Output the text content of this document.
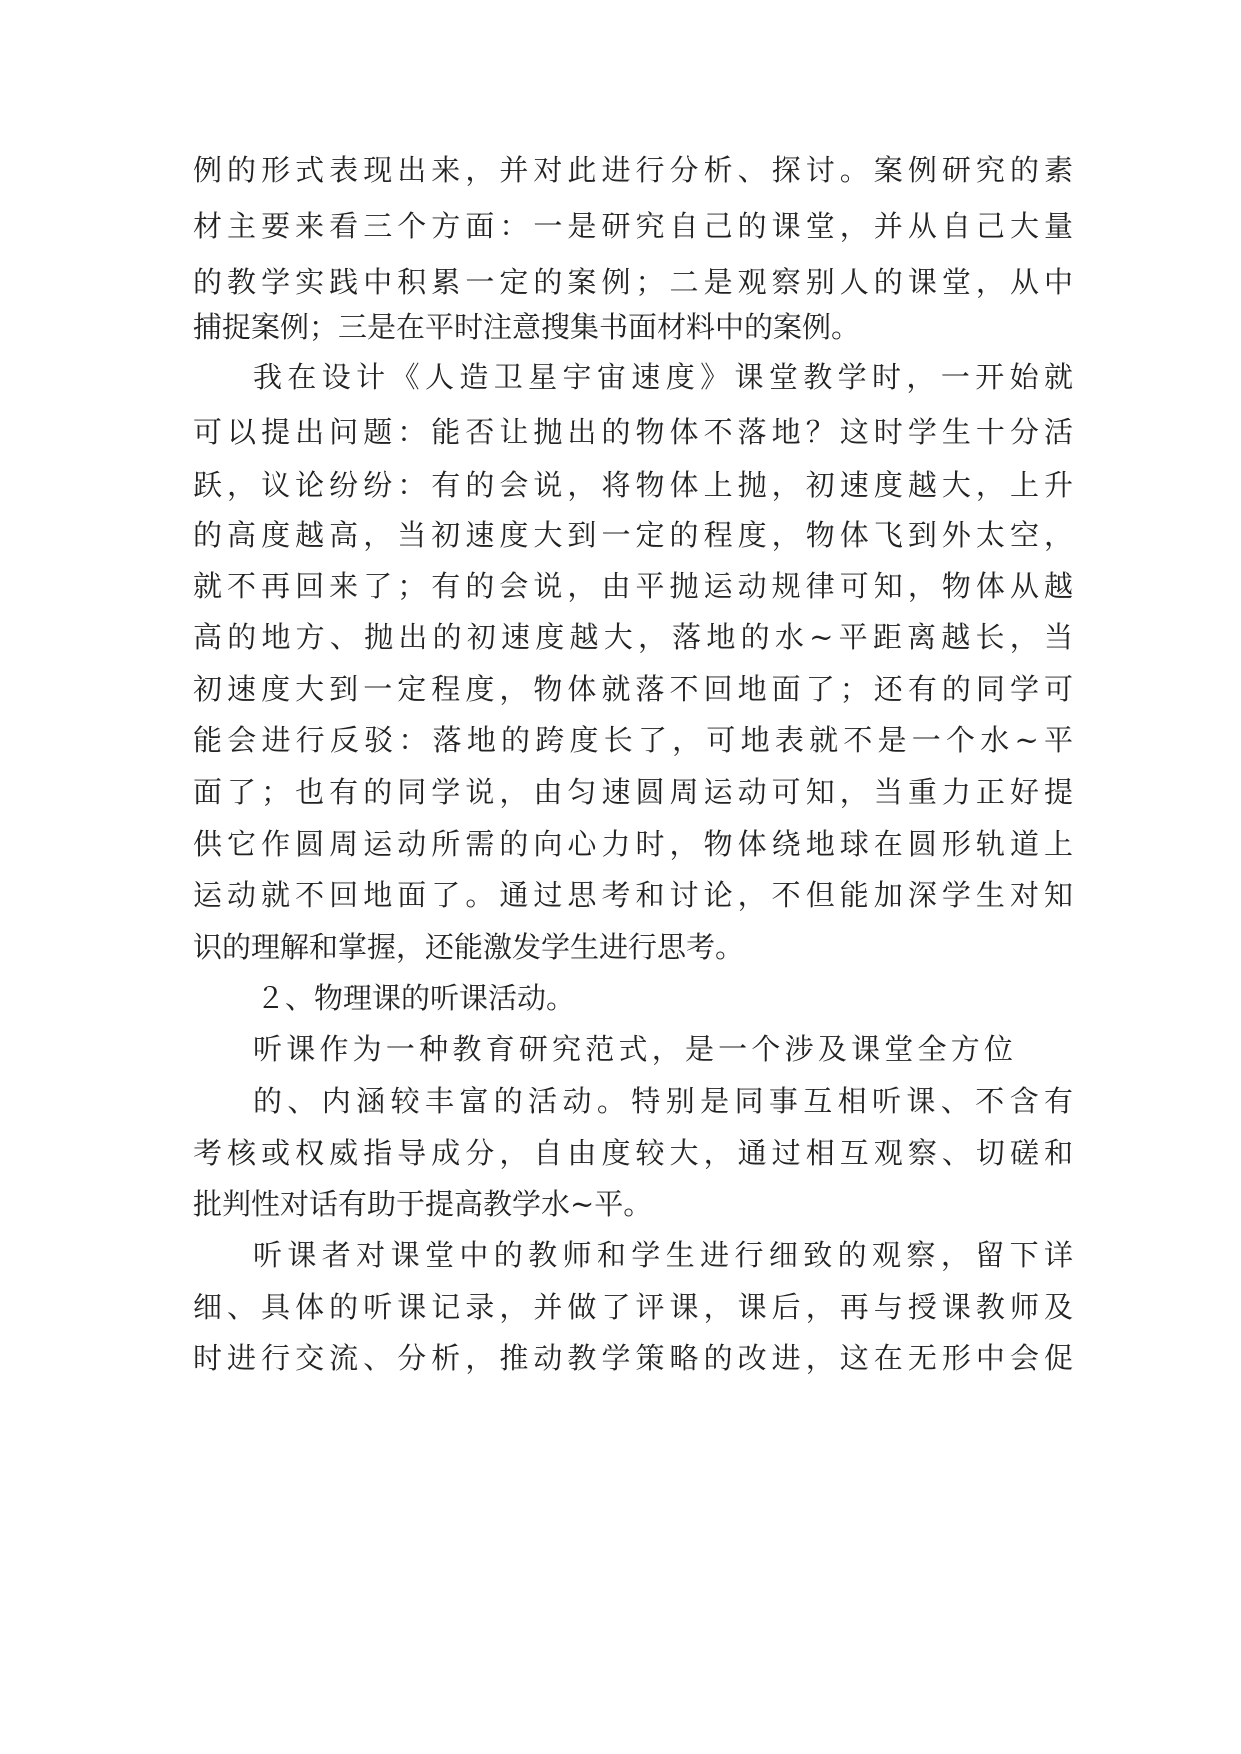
例的形式表现出来，并对此进行分析、探讨。案例研究的素
材主要来看三个方面：一是研究自己的课堂，并从自己大量
的教学实践中积累一定的案例；二是观察别人的课堂，从中
捕捉案例；三是在平时注意搜集书面材料中的案例。
我在设计《人造卫星宇宙速度》课堂教学时，一开始就
可以提出问题：能否让抛出的物体不落地？这时学生十分活
跃，议论纷纷：有的会说，将物体上抛，初速度越大，上升
的高度越高，当初速度大到一定的程度，物体飞到外太空，
就不再回来了；有的会说，由平抛运动规律可知，物体从越
高的地方、抛出的初速度越大，落地的水~平距离越长，当
初速度大到一定程度，物体就落不回地面了；还有的同学可
能会进行反驳：落地的跨度长了，可地表就不是一个水~平
面了；也有的同学说，由匀速圆周运动可知，当重力正好提
供它作圆周运动所需的向心力时，物体绕地球在圆形轨道上
运动就不回地面了。通过思考和讨论，不但能加深学生对知
识的理解和掌握，还能激发学生进行思考。
２、物理课的听课活动。
听课作为一种教育研究范式，是一个涉及课堂全方位
的、内涵较丰富的活动。特别是同事互相听课、不含有
考核或权威指导成分，自由度较大，通过相互观察、切磋和
批判性对话有助于提高教学水~平。
听课者对课堂中的教师和学生进行细致的观察，留下详
细、具体的听课记录，并做了评课，课后，再与授课教师及
时进行交流、分析，推动教学策略的改进，这在无形中会促
